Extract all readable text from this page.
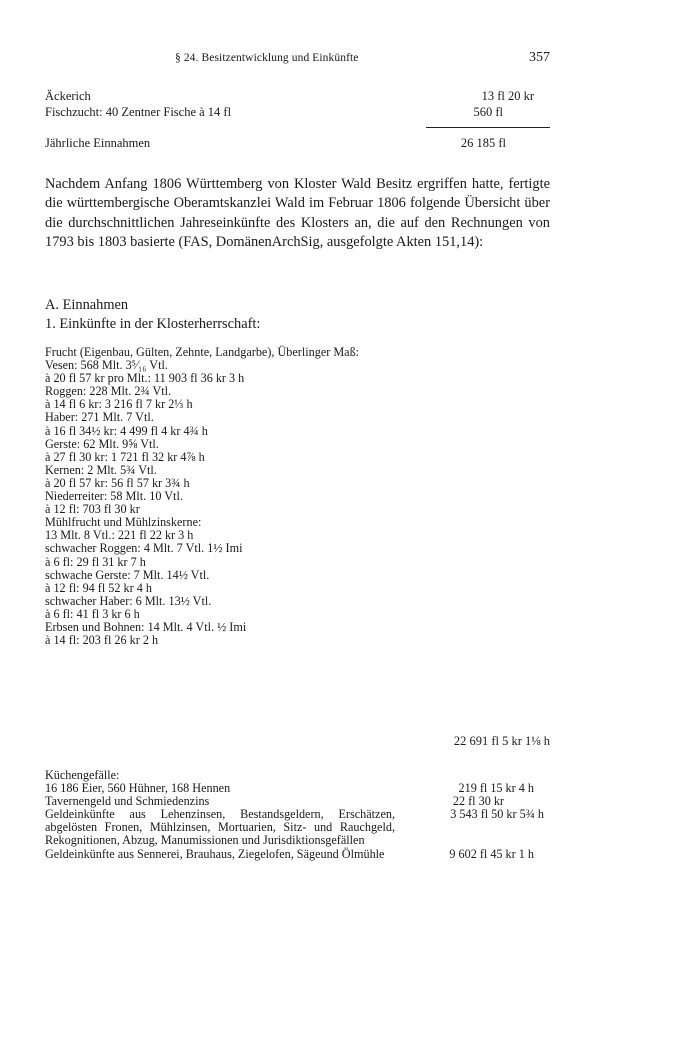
§ 24. Besitzentwicklung und Einkünfte	357
Äckerich	13 fl 20 kr
Fischzucht: 40 Zentner Fische à 14 fl	560 fl
Jährliche Einnahmen	26 185 fl

Nachdem Anfang 1806 Württemberg von Kloster Wald Besitz ergriffen hatte, fertigte die württembergische Oberamtskanzlei Wald im Februar 1806 folgende Übersicht über die durchschnittlichen Jahreseinkünfte des Klosters an, die auf den Rechnungen von 1793 bis 1803 basierte (FAS, DomänenArchSig, ausgefolgte Akten 151,14):

A. Einnahmen
1. Einkünfte in der Klosterherrschaft:
Frucht (Eigenbau, Gülten, Zehnte, Landgarbe), Überlinger Maß:
Vesen: 568 Mlt. 3⁵⁄₁₆ Vtl.
à 20 fl 57 kr pro Mlt.: 11 903 fl 36 kr 3 h
Roggen: 228 Mlt. 2¾ Vtl.
à 14 fl 6 kr: 3 216 fl 7 kr 2⅓ h
Haber: 271 Mlt. 7 Vtl.
à 16 fl 34½ kr: 4 499 fl 4 kr 4¾ h
Gerste: 62 Mlt. 9⅝ Vtl.
à 27 fl 30 kr: 1 721 fl 32 kr 4⅞ h
Kernen: 2 Mlt. 5¾ Vtl.
à 20 fl 57 kr: 56 fl 57 kr 3¾ h
Niederreiter: 58 Mlt. 10 Vtl.
à 12 fl: 703 fl 30 kr
Mühlfrucht und Mühlzinskerne:
13 Mlt. 8 Vtl.: 221 fl 22 kr 3 h
schwacher Roggen: 4 Mlt. 7 Vtl. 1½ Imi
à 6 fl: 29 fl 31 kr 7 h
schwache Gerste: 7 Mlt. 14½ Vtl.
à 12 fl: 94 fl 52 kr 4 h
schwacher Haber: 6 Mlt. 13½ Vtl.
à 6 fl: 41 fl 3 kr 6 h
Erbsen und Bohnen: 14 Mlt. 4 Vtl. ½ Imi
à 14 fl: 203 fl 26 kr 2 h
22 691 fl 5 kr 1⅛ h
Küchengefälle:
16 186 Eier, 560 Hühner, 168 Hennen	219 fl 15 kr 4 h
Tavernengeld und Schmiedenzins	22 fl 30 kr
Geldeinkünfte aus Lehenzinsen, Bestandsgeldern, Erschätzen, abgelösten Fronen, Mühlzinsen, Mortuarien, Sitz- und Rauchgeld, Rekognitionen, Abzug, Manumissionen und Jurisdiktionsgefällen
3 543 fl 50 kr 5¾ h
Geldeinkünfte aus Sennerei, Brauhaus, Ziegelofen, Sägeund Ölmühle	9 602 fl 45 kr 1 h
